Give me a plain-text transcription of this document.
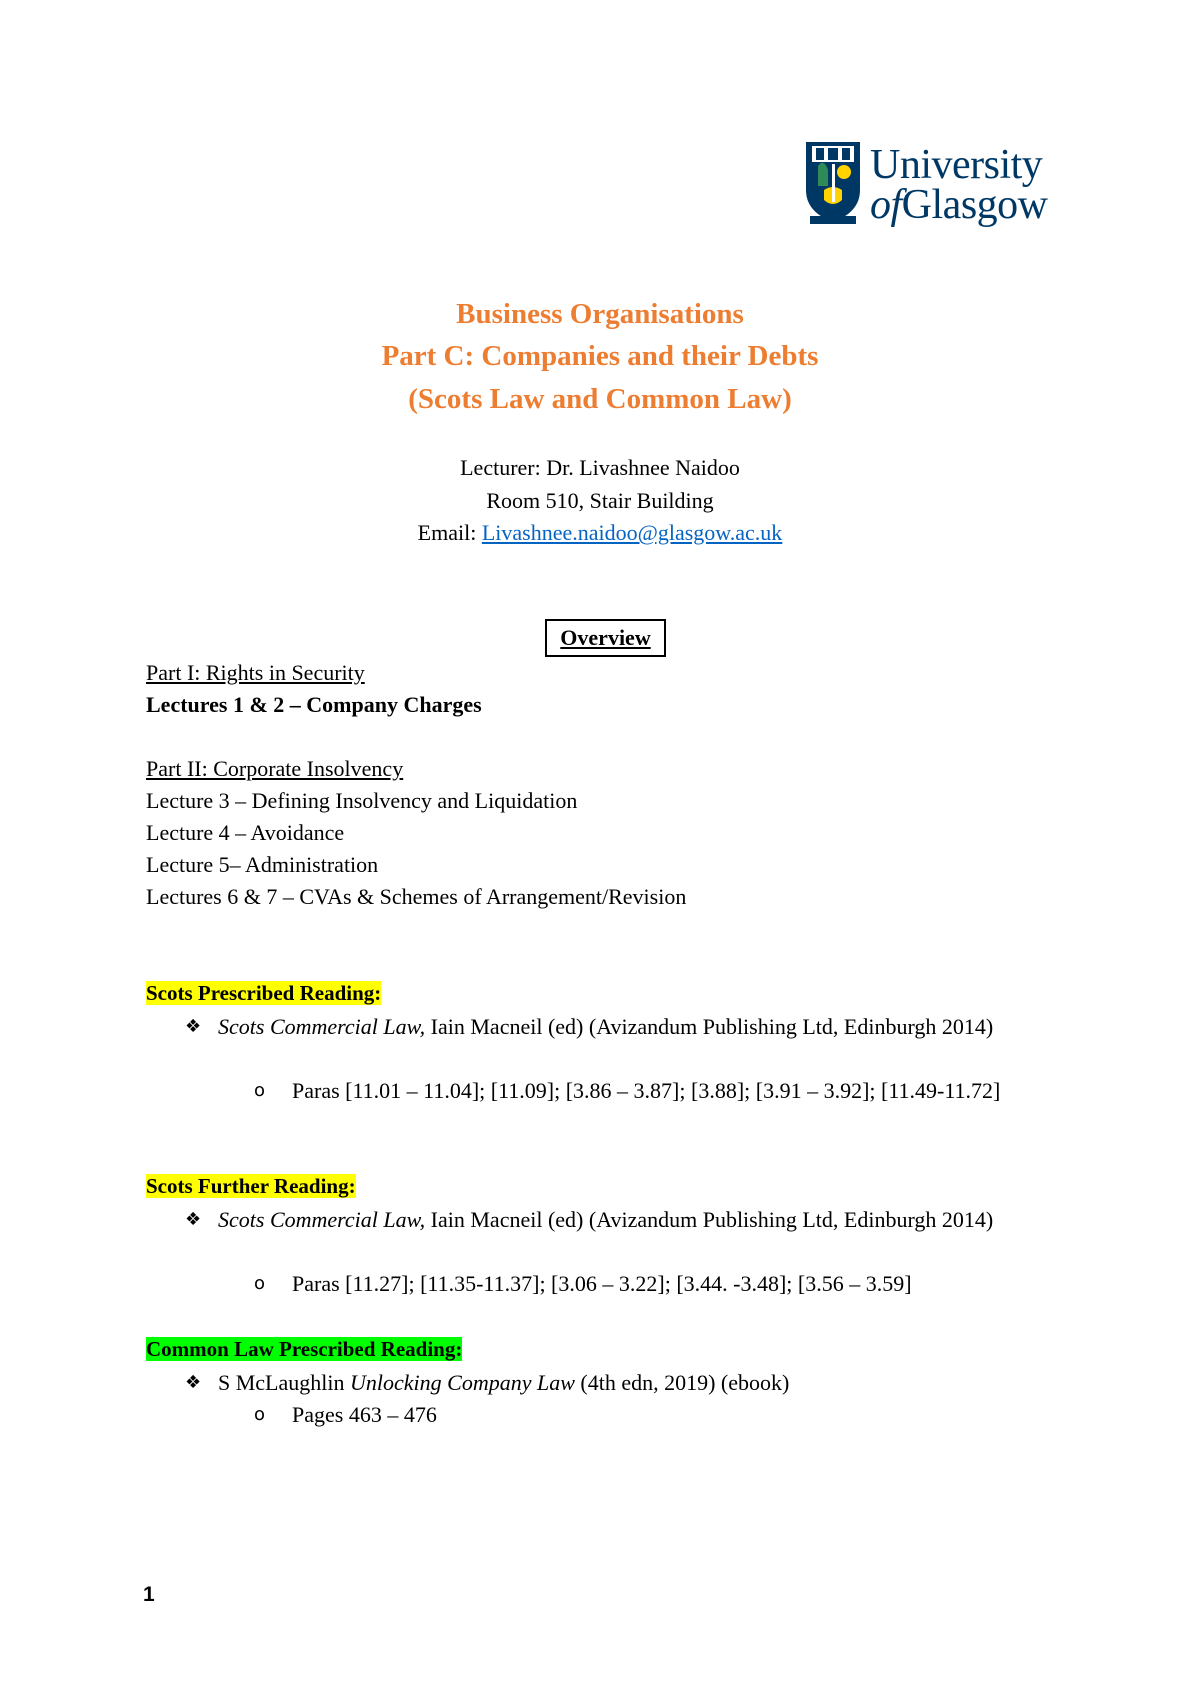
University
ofGlasgow
Business Organisations
Part C: Companies and their Debts
(Scots Law and Common Law)
Lecturer: Dr. Livashnee Naidoo
Room 510, Stair Building
Email: Livashnee.naidoo@glasgow.ac.uk
Overview
Part I: Rights in Security
Lectures 1 & 2 – Company Charges
Part II: Corporate Insolvency
Lecture 3 – Defining Insolvency and Liquidation
Lecture 4 – Avoidance
Lecture 5– Administration
Lectures 6 & 7 – CVAs & Schemes of Arrangement/Revision
Scots Prescribed Reading:
❖ Scots Commercial Law, Iain Macneil (ed) (Avizandum Publishing Ltd, Edinburgh 2014)
o	Paras [11.01 – 11.04]; [11.09]; [3.86 – 3.87]; [3.88]; [3.91 – 3.92]; [11.49-11.72]
Scots Further Reading:
❖ Scots Commercial Law, Iain Macneil (ed) (Avizandum Publishing Ltd, Edinburgh 2014)
o	Paras [11.27]; [11.35-11.37]; [3.06 – 3.22]; [3.44. -3.48]; [3.56 – 3.59]
Common Law Prescribed Reading:
❖ S McLaughlin Unlocking Company Law (4th edn, 2019) (ebook)
o	Pages 463 – 476
1
